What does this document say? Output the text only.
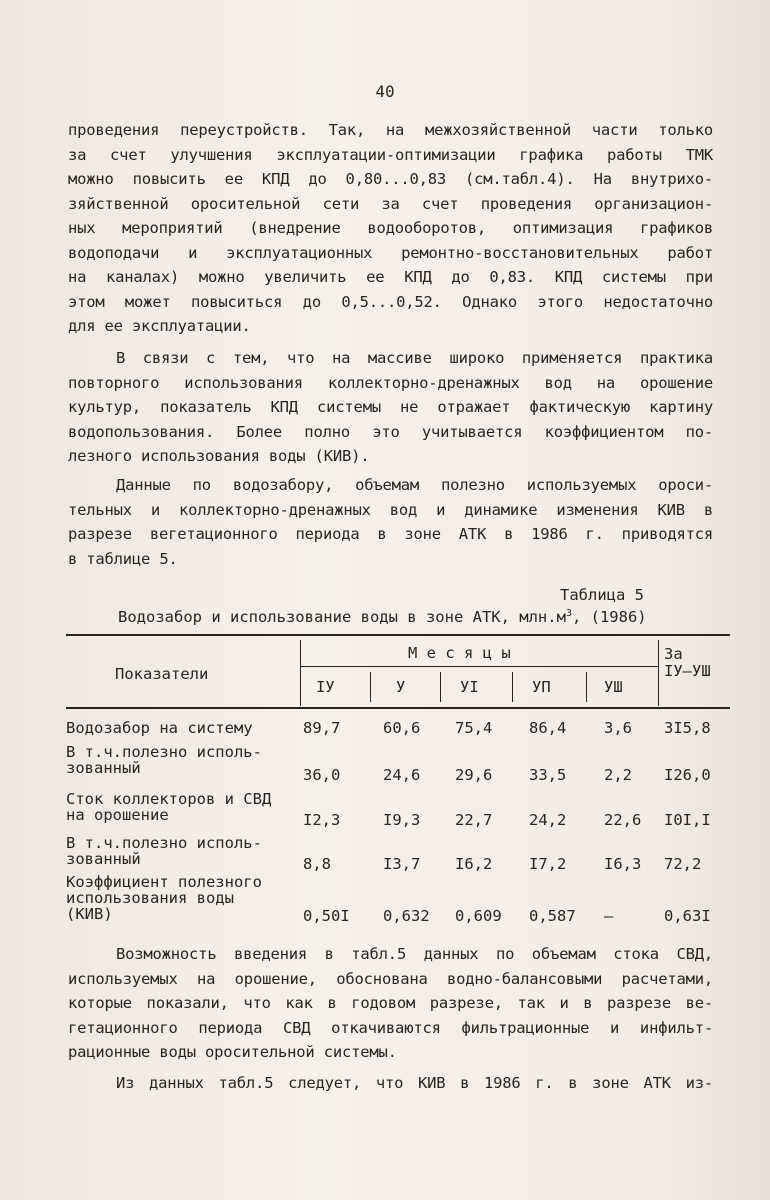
40
проведения переустройств. Так, на межхозяйственной части только
за счет улучшения эксплуатации-оптимизации графика работы ТМК
можно повысить ее КПД до 0,80...0,83 (см.табл.4). На внутрихо-
зяйственной оросительной сети за счет проведения организацион-
ных мероприятий (внедрение водооборотов, оптимизация графиков
водоподачи и эксплуатационных ремонтно-восстановительных работ
на каналах) можно увеличить ее КПД до 0,83. КПД системы при
этом может повыситься до 0,5...0,52. Однако этого недостаточно
для ее эксплуатации.
В связи с тем, что на массиве широко применяется практика
повторного использования коллекторно-дренажных вод на орошение
культур, показатель КПД системы не отражает фактическую картину
водопользования. Более полно это учитывается коэффициентом по-
лезного использования воды (КИВ).
Данные по водозабору, объемам полезно используемых ороси-
тельных и коллекторно-дренажных вод и динамике изменения КИВ в
разрезе вегетационного периода в зоне АТК в 1986 г. приводятся
в таблице 5.
Таблица 5
Водозабор и использование воды в зоне АТК, $млн.м^3$, (1986)
Показатели
М е с я ц ы	За
IУ–УШ
IУ	У	УI	УП	УШ
Водозабор на систему	89,7	60,6 75,4 86,4 3,6 3I5,8
В т.ч.полезно исполь-
зованный	36,0	24,6 29,6 33,5 2,2 I26,0
Сток коллекторов и СВД
на орошение	I2,3	I9,3 22,7 24,2 22,6 I0I,I
В т.ч.полезно исполь-
зованный	8,8	I3,7 I6,2 I7,2 I6,3 72,2
Коэффициент полезного
использования воды
(КИВ)	0,50I 0,632 0,609 0,587 –	0,63I
Возможность введения в табл.5 данных по объемам стока СВД,
используемых на орошение, обоснована водно-балансовыми расчетами,
которые показали, что как в годовом разрезе, так и в разрезе ве-
гетационного периода СВД откачиваются фильтрационные и инфильт-
рационные воды оросительной системы.
Из данных табл.5 следует, что КИВ в 1986 г. в зоне АТК из-
